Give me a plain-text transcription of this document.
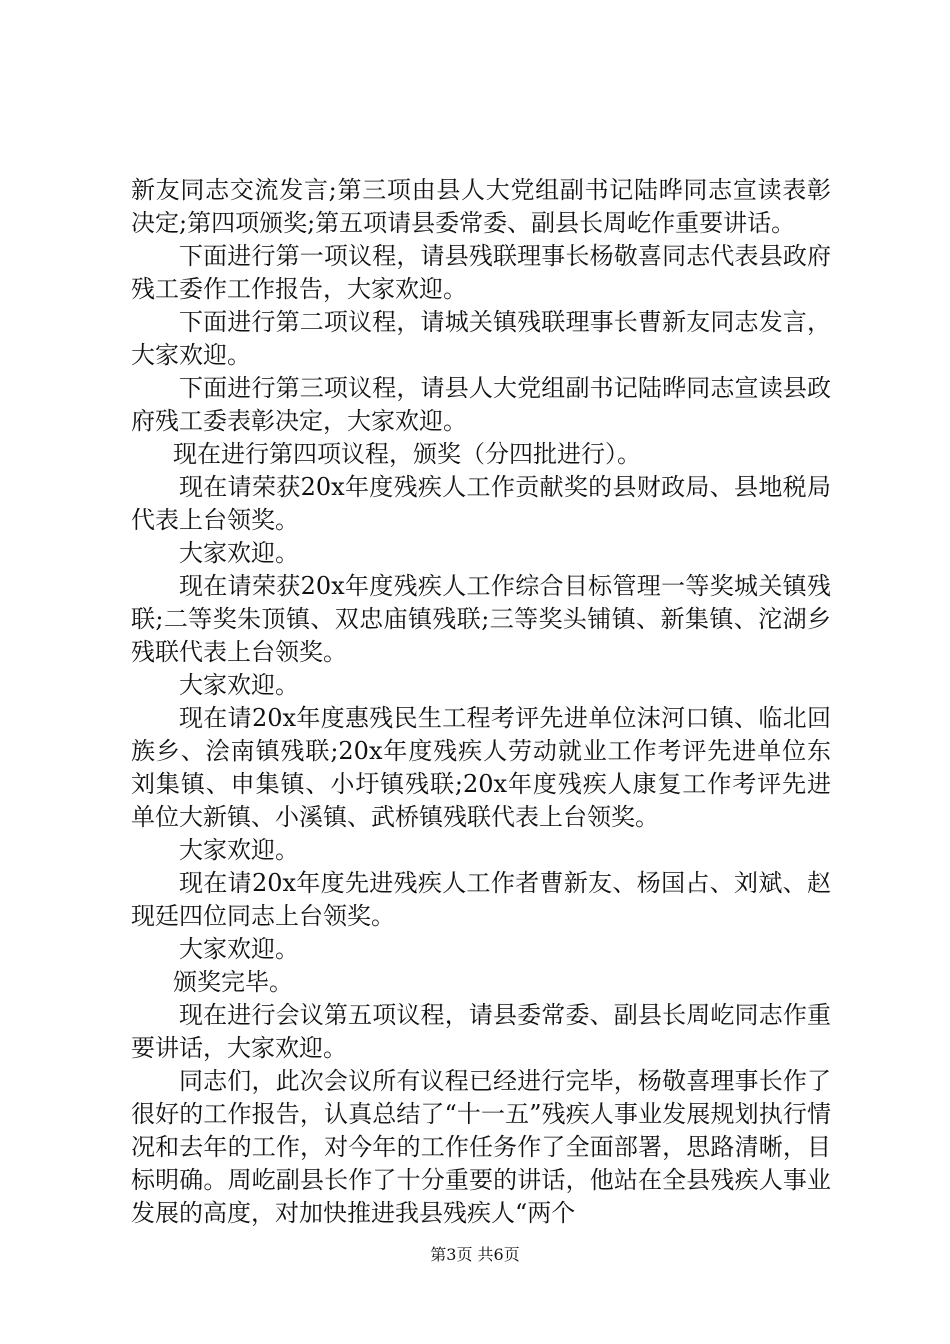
新友同志交流发言;第三项由县人大党组副书记陆晔同志宣读表彰决定;第四项颁奖;第五项请县委常委、副县长周屹作重要讲话。

下面进行第一项议程，请县残联理事长杨敬喜同志代表县政府残工委作工作报告，大家欢迎。

下面进行第二项议程，请城关镇残联理事长曹新友同志发言，大家欢迎。

下面进行第三项议程，请县人大党组副书记陆晔同志宣读县政府残工委表彰决定，大家欢迎。

现在进行第四项议程，颁奖（分四批进行）。

现在请荣获20x年度残疾人工作贡献奖的县财政局、县地税局代表上台领奖。

大家欢迎。

现在请荣获20x年度残疾人工作综合目标管理一等奖城关镇残联;二等奖朱顶镇、双忠庙镇残联;三等奖头铺镇、新集镇、沱湖乡残联代表上台领奖。

大家欢迎。

现在请20x年度惠残民生工程考评先进单位沫河口镇、临北回族乡、浍南镇残联;20x年度残疾人劳动就业工作考评先进单位东刘集镇、申集镇、小圩镇残联;20x年度残疾人康复工作考评先进单位大新镇、小溪镇、武桥镇残联代表上台领奖。

大家欢迎。

现在请20x年度先进残疾人工作者曹新友、杨国占、刘斌、赵现廷四位同志上台领奖。

大家欢迎。

颁奖完毕。

现在进行会议第五项议程，请县委常委、副县长周屹同志作重要讲话，大家欢迎。

同志们，此次会议所有议程已经进行完毕，杨敬喜理事长作了很好的工作报告，认真总结了“十一五”残疾人事业发展规划执行情况和去年的工作，对今年的工作任务作了全面部署，思路清晰，目标明确。周屹副县长作了十分重要的讲话，他站在全县残疾人事业发展的高度，对加快推进我县残疾人“两个

第3页 共6页
